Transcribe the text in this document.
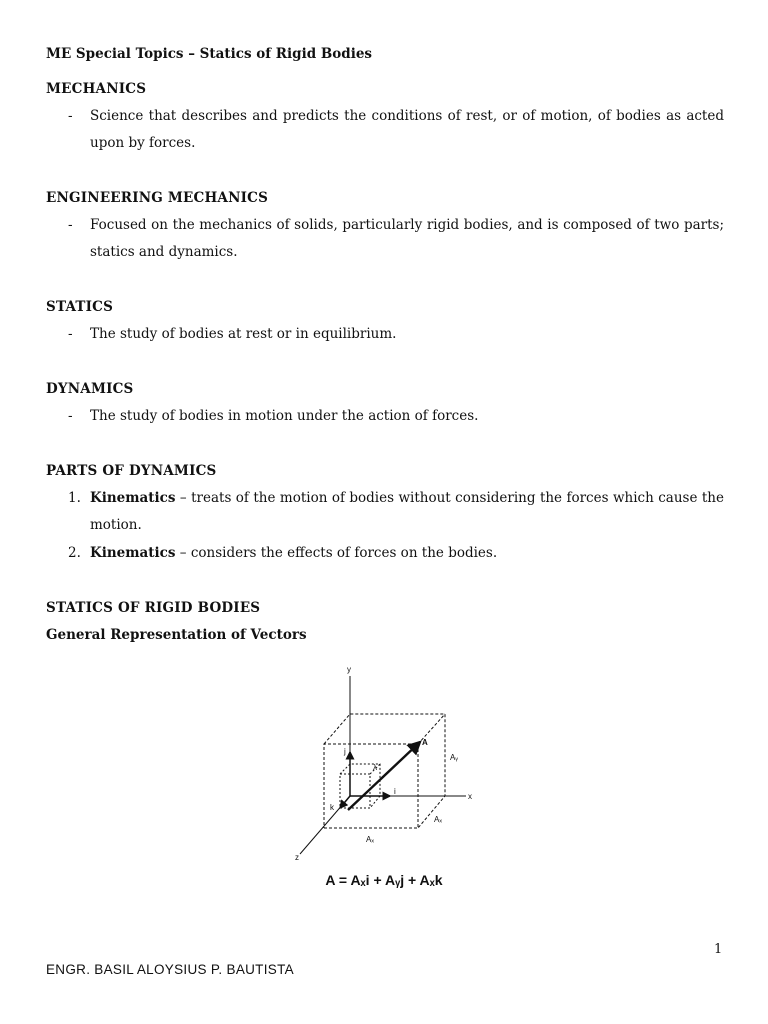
ME Special Topics – Statics of Rigid Bodies
MECHANICS
- Science that describes and predicts the conditions of rest, or of motion, of bodies as acted upon by forces.
ENGINEERING MECHANICS
- Focused on the mechanics of solids, particularly rigid bodies, and is composed of two parts; statics and dynamics.
STATICS
- The study of bodies at rest or in equilibrium.
DYNAMICS
- The study of bodies in motion under the action of forces.
PARTS OF DYNAMICS
1. Kinematics – treats of the motion of bodies without considering the forces which cause the motion.
2. Kinematics – considers the effects of forces on the bodies.
STATICS OF RIGID BODIES
General Representation of Vectors
y
x
z
A
j
i
k
λ
Aᵧ
Aₓ
Aₓ
A = Aₓi + Aᵧj + Aₓk
1
ENGR. BASIL ALOYSIUS P. BAUTISTA
